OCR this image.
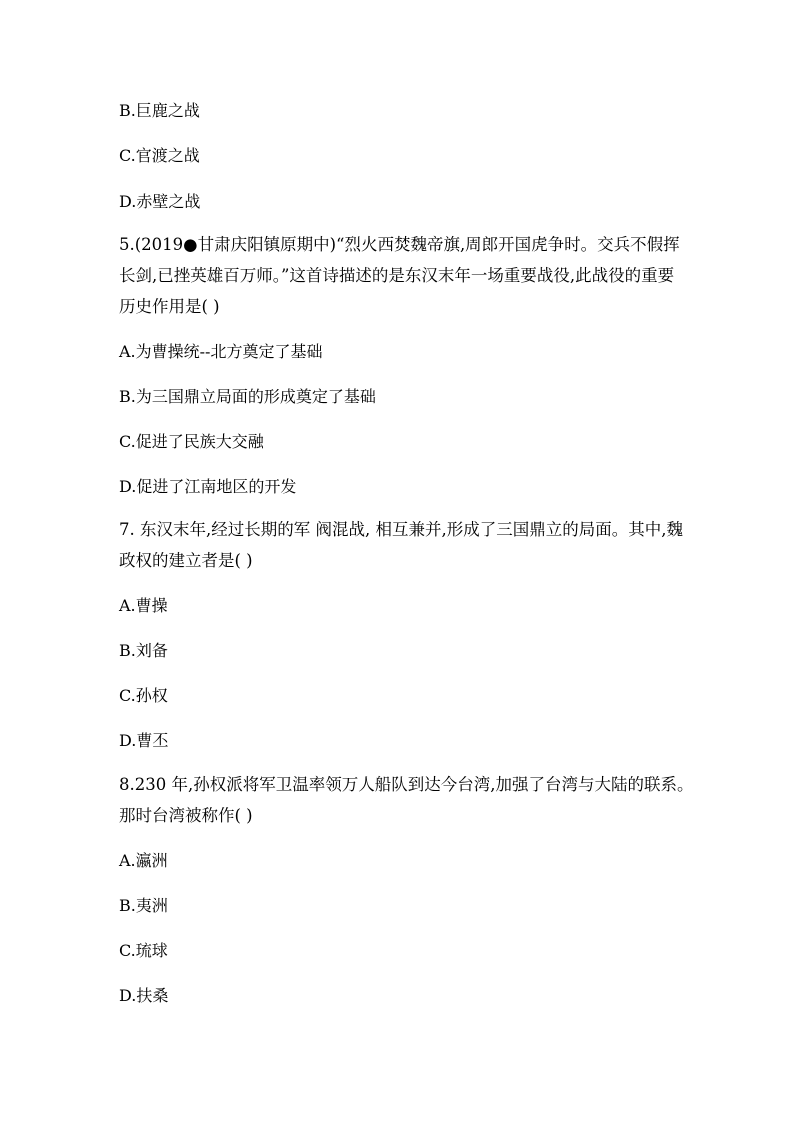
B.巨鹿之战
C.官渡之战
D.赤壁之战
5.(2019●甘肃庆阳镇原期中)“烈火西焚魏帝旗,周郎开国虎争时。交兵不假挥
长剑,已挫英雄百万师。”这首诗描述的是东汉末年一场重要战役,此战役的重要
历史作用是( )
A.为曹操统--北方奠定了基础
B.为三国鼎立局面的形成奠定了基础
C.促进了民族大交融
D.促进了江南地区的开发
7. 东汉末年,经过长期的军 阀混战, 相互兼并,形成了三国鼎立的局面。其中,魏
政权的建立者是( )
A.曹操
B.刘备
C.孙权
D.曹丕
8.230 年,孙权派将军卫温率领万人船队到达今台湾,加强了台湾与大陆的联系。
那时台湾被称作( )
A.瀛洲
B.夷洲
C.琉球
D.扶桑
